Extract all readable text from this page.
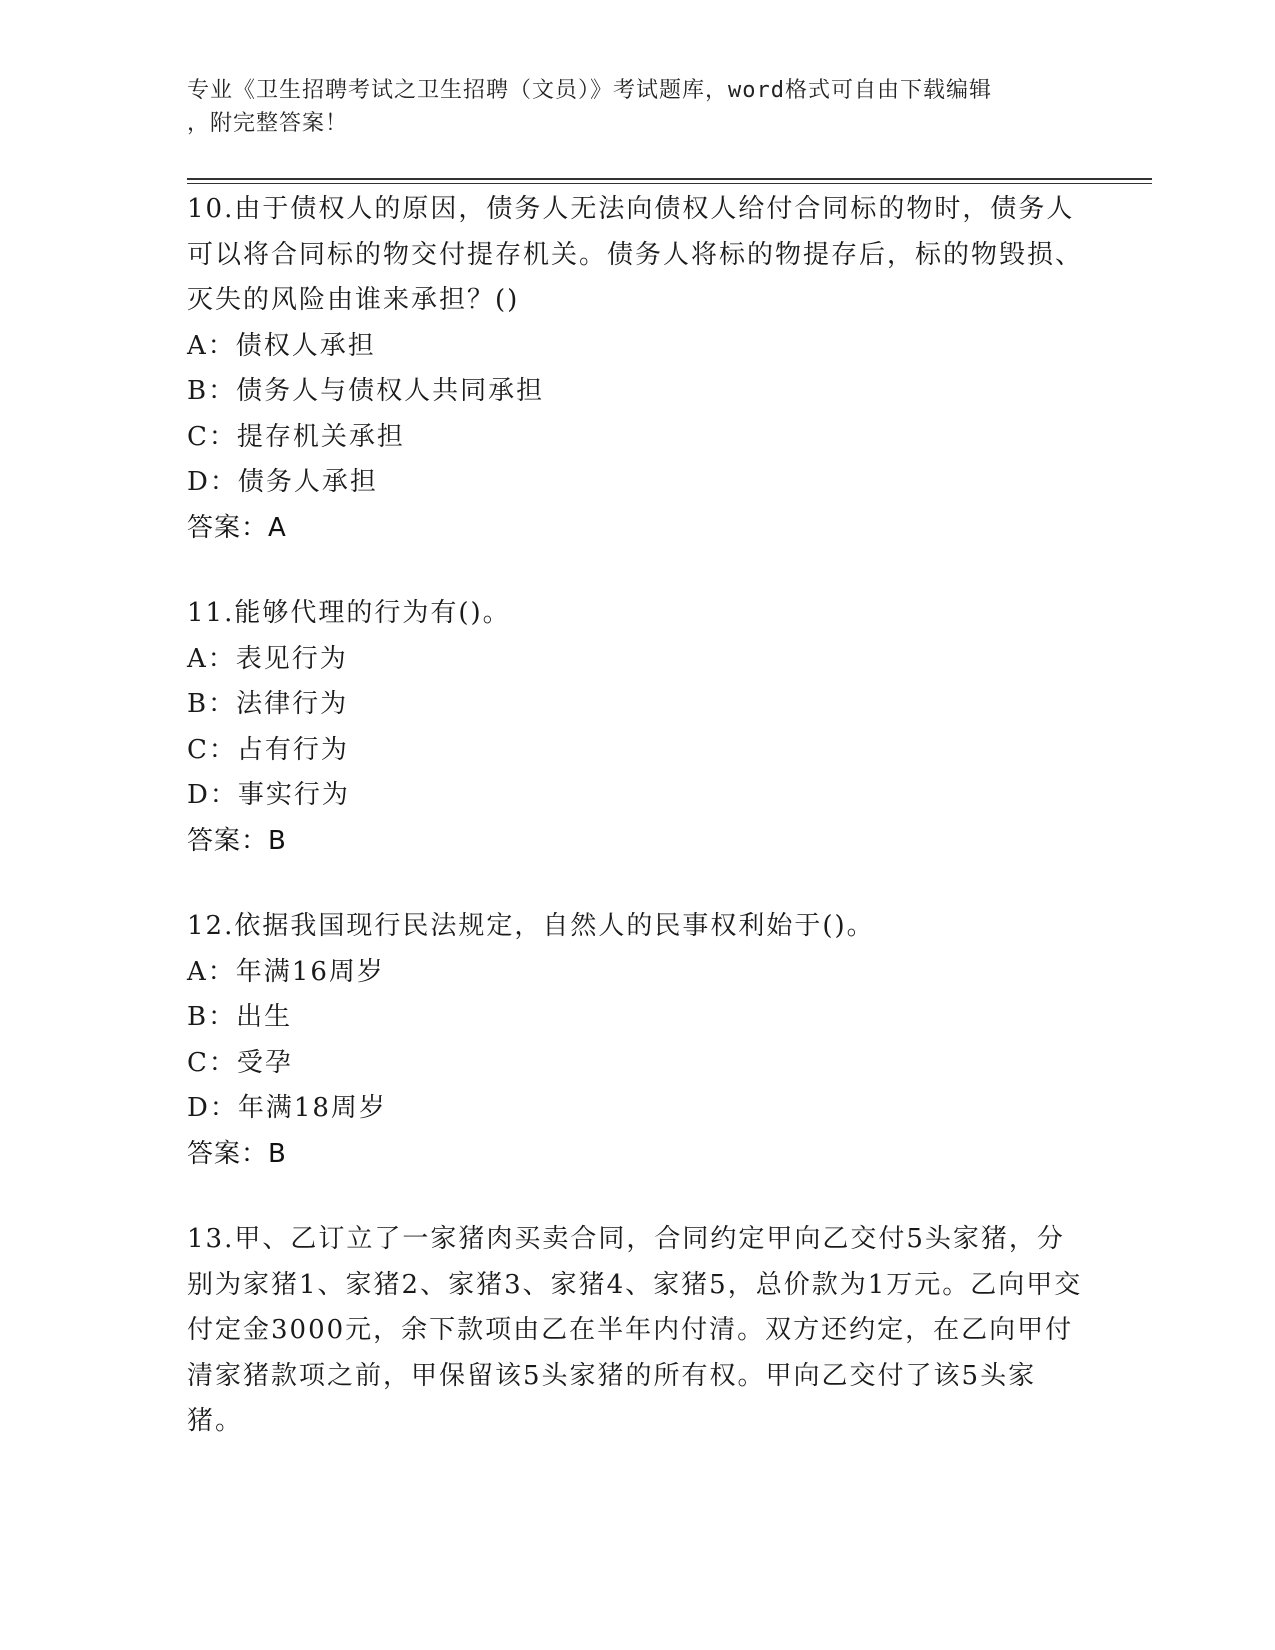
专业《卫生招聘考试之卫生招聘（文员）》考试题库，word格式可自由下载编辑
，附完整答案！
10.由于债权人的原因，债务人无法向债权人给付合同标的物时，债务人可以将合同标的物交付提存机关。债务人将标的物提存后，标的物毁损、灭失的风险由谁来承担？()
A：债权人承担
B：债务人与债权人共同承担
C：提存机关承担
D：债务人承担
答案：A
11.能够代理的行为有()。
A：表见行为
B：法律行为
C：占有行为
D：事实行为
答案：B
12.依据我国现行民法规定，自然人的民事权利始于()。
A：年满16周岁
B：出生
C：受孕
D：年满18周岁
答案：B
13.甲、乙订立了一家猪肉买卖合同，合同约定甲向乙交付5头家猪，分别为家猪1、家猪2、家猪3、家猪4、家猪5，总价款为1万元。乙向甲交付定金3000元，余下款项由乙在半年内付清。双方还约定，在乙向甲付清家猪款项之前，甲保留该5头家猪的所有权。甲向乙交付了该5头家猪。
